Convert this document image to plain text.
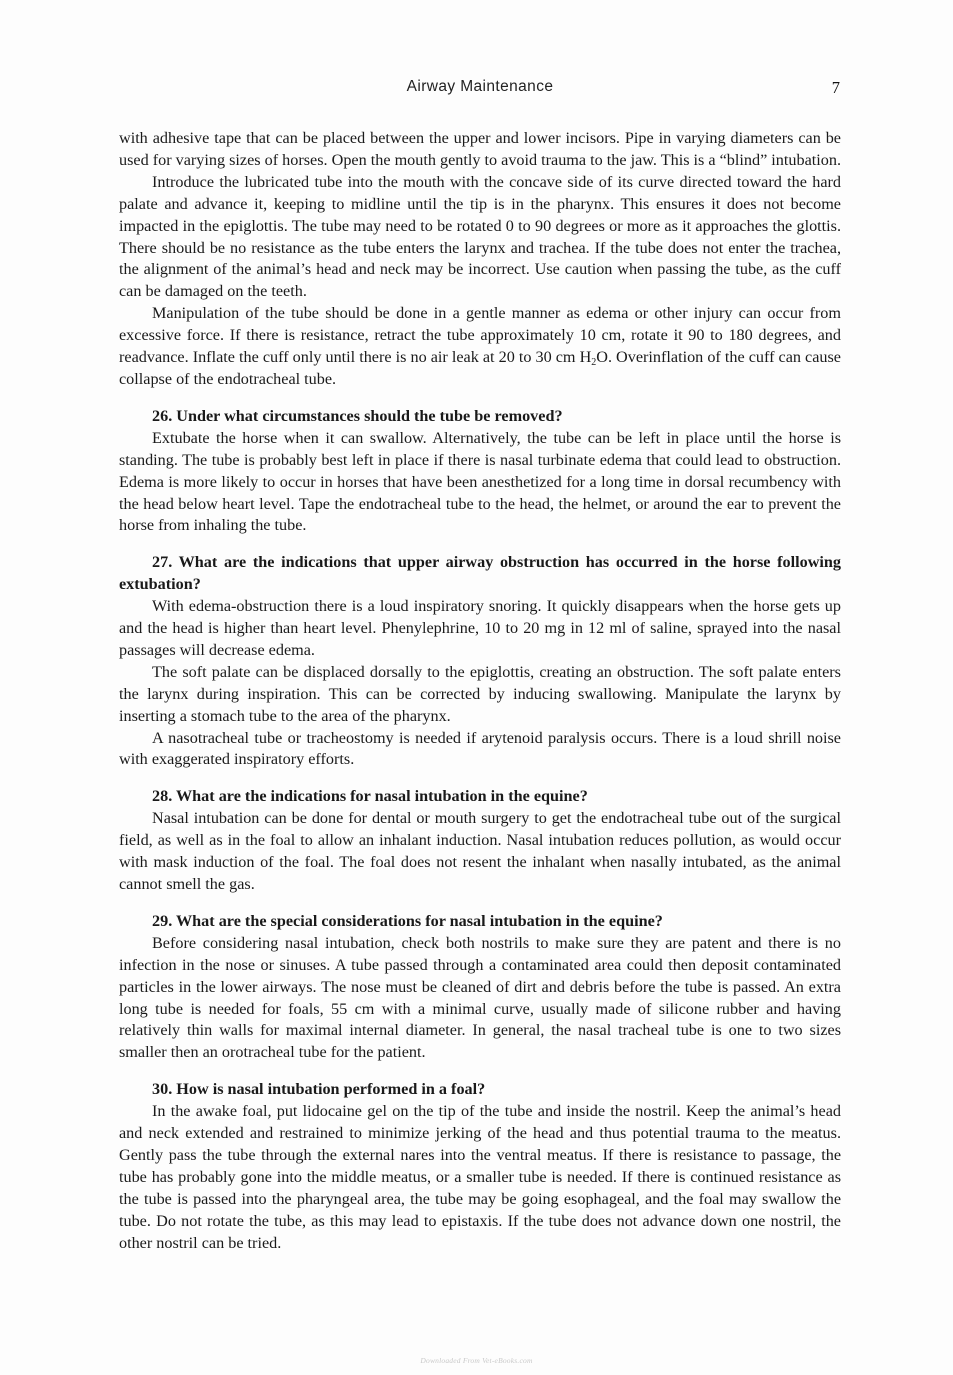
Airway Maintenance	7

with adhesive tape that can be placed between the upper and lower incisors. Pipe in varying diameters can be used for varying sizes of horses. Open the mouth gently to avoid trauma to the jaw. This is a “blind” intubation.

Introduce the lubricated tube into the mouth with the concave side of its curve directed toward the hard palate and advance it, keeping to midline until the tip is in the pharynx. This ensures it does not become impacted in the epiglottis. The tube may need to be rotated 0 to 90 degrees or more as it approaches the glottis. There should be no resistance as the tube enters the larynx and trachea. If the tube does not enter the trachea, the alignment of the animal’s head and neck may be incorrect. Use caution when passing the tube, as the cuff can be damaged on the teeth.

Manipulation of the tube should be done in a gentle manner as edema or other injury can occur from excessive force. If there is resistance, retract the tube approximately 10 cm, rotate it 90 to 180 degrees, and readvance. Inflate the cuff only until there is no air leak at 20 to 30 cm $H_2O$. Overinflation of the cuff can cause collapse of the endotracheal tube.

26. Under what circumstances should the tube be removed?

Extubate the horse when it can swallow. Alternatively, the tube can be left in place until the horse is standing. The tube is probably best left in place if there is nasal turbinate edema that could lead to obstruction. Edema is more likely to occur in horses that have been anesthetized for a long time in dorsal recumbency with the head below heart level. Tape the endotracheal tube to the head, the helmet, or around the ear to prevent the horse from inhaling the tube.

27. What are the indications that upper airway obstruction has occurred in the horse following extubation?

With edema-obstruction there is a loud inspiratory snoring. It quickly disappears when the horse gets up and the head is higher than heart level. Phenylephrine, 10 to 20 mg in 12 ml of saline, sprayed into the nasal passages will decrease edema.

The soft palate can be displaced dorsally to the epiglottis, creating an obstruction. The soft palate enters the larynx during inspiration. This can be corrected by inducing swallowing. Manipulate the larynx by inserting a stomach tube to the area of the pharynx.

A nasotracheal tube or tracheostomy is needed if arytenoid paralysis occurs. There is a loud shrill noise with exaggerated inspiratory efforts.

28. What are the indications for nasal intubation in the equine?

Nasal intubation can be done for dental or mouth surgery to get the endotracheal tube out of the surgical field, as well as in the foal to allow an inhalant induction. Nasal intubation reduces pollution, as would occur with mask induction of the foal. The foal does not resent the inhalant when nasally intubated, as the animal cannot smell the gas.

29. What are the special considerations for nasal intubation in the equine?

Before considering nasal intubation, check both nostrils to make sure they are patent and there is no infection in the nose or sinuses. A tube passed through a contaminated area could then deposit contaminated particles in the lower airways. The nose must be cleaned of dirt and debris before the tube is passed. An extra long tube is needed for foals, 55 cm with a minimal curve, usually made of silicone rubber and having relatively thin walls for maximal internal diameter. In general, the nasal tracheal tube is one to two sizes smaller then an orotracheal tube for the patient.

30. How is nasal intubation performed in a foal?

In the awake foal, put lidocaine gel on the tip of the tube and inside the nostril. Keep the animal’s head and neck extended and restrained to minimize jerking of the head and thus potential trauma to the meatus. Gently pass the tube through the external nares into the ventral meatus. If there is resistance to passage, the tube has probably gone into the middle meatus, or a smaller tube is needed. If there is continued resistance as the tube is passed into the pharyngeal area, the tube may be going esophageal, and the foal may swallow the tube. Do not rotate the tube, as this may lead to epistaxis. If the tube does not advance down one nostril, the other nostril can be tried.

Downloaded From Vet-eBooks.com
